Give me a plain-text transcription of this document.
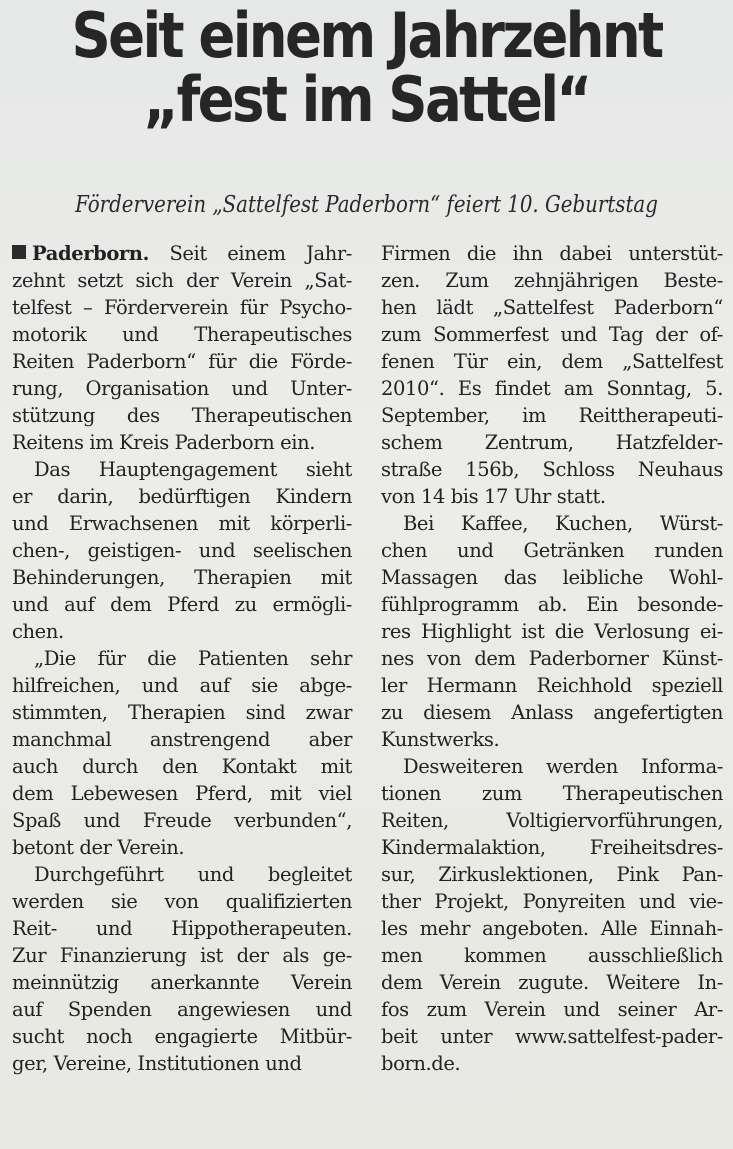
Seit einem Jahrzehnt
„fest im Sattel“
Förderverein „Sattelfest Paderborn“ feiert 10. Geburtstag
Paderborn. Seit einem Jahr-
zehnt setzt sich der Verein „Sat-
telfest – Förderverein für Psycho-
motorik und Therapeutisches
Reiten Paderborn“ für die Förde-
rung, Organisation und Unter-
stützung des Therapeutischen
Reitens im Kreis Paderborn ein.
Das Hauptengagement sieht
er darin, bedürftigen Kindern
und Erwachsenen mit körperli-
chen-, geistigen- und seelischen
Behinderungen, Therapien mit
und auf dem Pferd zu ermögli-
chen.
„Die für die Patienten sehr
hilfreichen, und auf sie abge-
stimmten, Therapien sind zwar
manchmal anstrengend aber
auch durch den Kontakt mit
dem Lebewesen Pferd, mit viel
Spaß und Freude verbunden“,
betont der Verein.
Durchgeführt und begleitet
werden sie von qualifizierten
Reit- und Hippotherapeuten.
Zur Finanzierung ist der als ge-
meinnützig anerkannte Verein
auf Spenden angewiesen und
sucht noch engagierte Mitbür-
ger, Vereine, Institutionen und
Firmen die ihn dabei unterstüt-
zen. Zum zehnjährigen Beste-
hen lädt „Sattelfest Paderborn“
zum Sommerfest und Tag der of-
fenen Tür ein, dem „Sattelfest
2010“. Es findet am Sonntag, 5.
September, im Reittherapeuti-
schem Zentrum, Hatzfelder-
straße 156b, Schloss Neuhaus
von 14 bis 17 Uhr statt.
Bei Kaffee, Kuchen, Würst-
chen und Getränken runden
Massagen das leibliche Wohl-
fühlprogramm ab. Ein besonde-
res Highlight ist die Verlosung ei-
nes von dem Paderborner Künst-
ler Hermann Reichhold speziell
zu diesem Anlass angefertigten
Kunstwerks.
Desweiteren werden Informa-
tionen zum Therapeutischen
Reiten, Voltigiervorführungen,
Kindermalaktion, Freiheitsdres-
sur, Zirkuslektionen, Pink Pan-
ther Projekt, Ponyreiten und vie-
les mehr angeboten. Alle Einnah-
men kommen ausschließlich
dem Verein zugute. Weitere In-
fos zum Verein und seiner Ar-
beit unter www.sattelfest-pader-
born.de.
